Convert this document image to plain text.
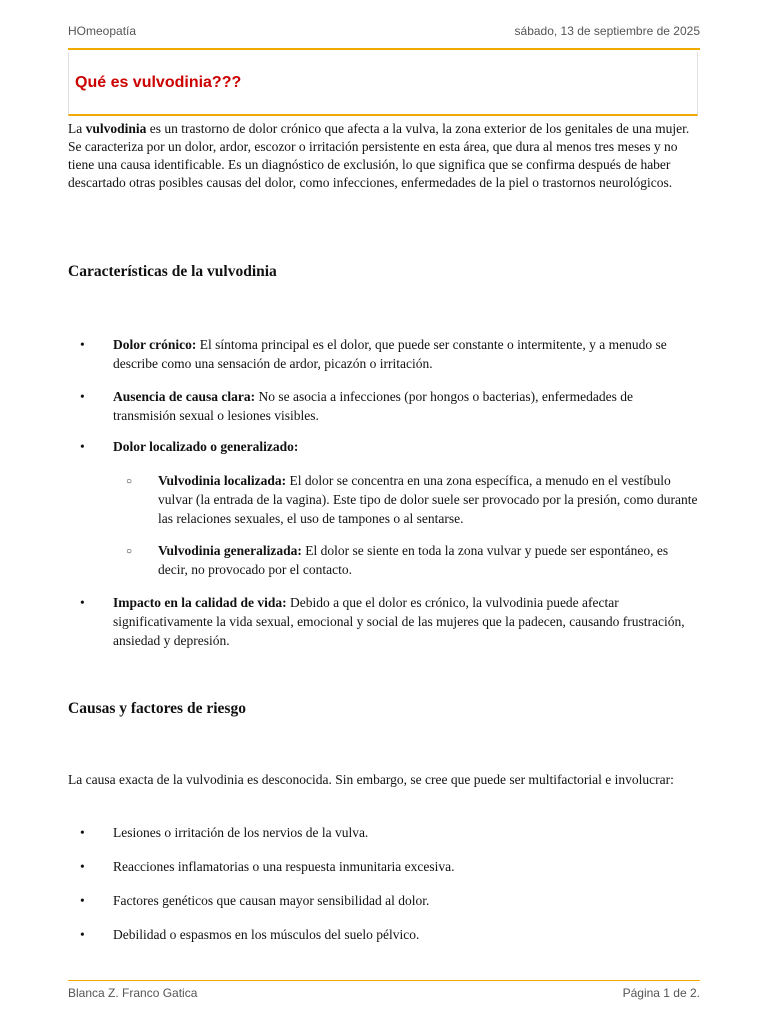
HOmeopatía	sábado, 13 de septiembre de 2025
Qué es vulvodinia???

La vulvodinia es un trastorno de dolor crónico que afecta a la vulva, la zona exterior de los genitales de una mujer. Se caracteriza por un dolor, ardor, escozor o irritación persistente en esta área, que dura al menos tres meses y no tiene una causa identificable. Es un diagnóstico de exclusión, lo que significa que se confirma después de haber descartado otras posibles causas del dolor, como infecciones, enfermedades de la piel o trastornos neurológicos.

Características de la vulvodinia
• Dolor crónico: El síntoma principal es el dolor, que puede ser constante o intermitente, y a menudo se describe como una sensación de ardor, picazón o irritación.
• Ausencia de causa clara: No se asocia a infecciones (por hongos o bacterias), enfermedades de transmisión sexual o lesiones visibles.
• Dolor localizado o generalizado:
○ Vulvodinia localizada: El dolor se concentra en una zona específica, a menudo en el vestíbulo vulvar (la entrada de la vagina). Este tipo de dolor suele ser provocado por la presión, como durante las relaciones sexuales, el uso de tampones o al sentarse.
○ Vulvodinia generalizada: El dolor se siente en toda la zona vulvar y puede ser espontáneo, es decir, no provocado por el contacto.
• Impacto en la calidad de vida: Debido a que el dolor es crónico, la vulvodinia puede afectar significativamente la vida sexual, emocional y social de las mujeres que la padecen, causando frustración, ansiedad y depresión.
Causas y factores de riesgo

La causa exacta de la vulvodinia es desconocida. Sin embargo, se cree que puede ser multifactorial e involucrar:

• Lesiones o irritación de los nervios de la vulva.
• Reacciones inflamatorias o una respuesta inmunitaria excesiva.
• Factores genéticos que causan mayor sensibilidad al dolor.
• Debilidad o espasmos en los músculos del suelo pélvico.
Blanca Z. Franco Gatica	Página 1 de 2.
